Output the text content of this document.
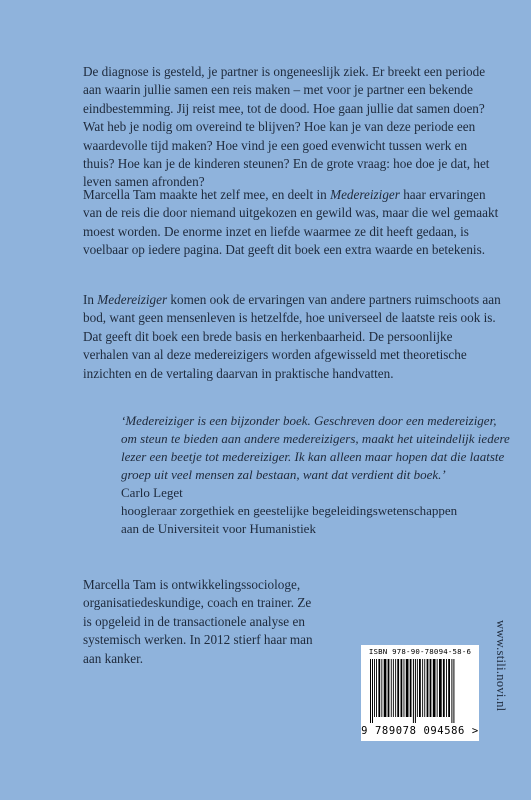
De diagnose is gesteld, je partner is ongeneeslijk ziek. Er breekt een periode aan waarin jullie samen een reis maken – met voor je partner een bekende eindbestemming. Jij reist mee, tot de dood. Hoe gaan jullie dat samen doen? Wat heb je nodig om overeind te blijven? Hoe kan je van deze periode een waardevolle tijd maken? Hoe vind je een goed evenwicht tussen werk en thuis? Hoe kan je de kinderen steunen? En de grote vraag: hoe doe je dat, het leven samen afronden?
Marcella Tam maakte het zelf mee, en deelt in Medereiziger haar ervaringen van de reis die door niemand uitgekozen en gewild was, maar die wel gemaakt moest worden. De enorme inzet en liefde waarmee ze dit heeft gedaan, is voelbaar op iedere pagina. Dat geeft dit boek een extra waarde en betekenis.
In Medereiziger komen ook de ervaringen van andere partners ruimschoots aan bod, want geen mensenleven is hetzelfde, hoe universeel de laatste reis ook is. Dat geeft dit boek een brede basis en herkenbaarheid. De persoonlijke verhalen van al deze medereizigers worden afgewisseld met theoretische inzichten en de vertaling daarvan in praktische handvatten.
‘Medereiziger is een bijzonder boek. Geschreven door een medereiziger, om steun te bieden aan andere medereizigers, maakt het uiteindelijk iedere lezer een beetje tot medereiziger. Ik kan alleen maar hopen dat die laatste groep uit veel mensen zal bestaan, want dat verdient dit boek.’
Carlo Leget
hoogleraar zorgethiek en geestelijke begeleidingswetenschappen
aan de Universiteit voor Humanistiek
Marcella Tam is ontwikkelingssociologe, organisatiedeskundige, coach en trainer. Ze is opgeleid in de transactionele analyse en systemisch werken. In 2012 stierf haar man aan kanker.	ISBN 978-90-78094-58-6
9 789078 094586 >
www.stili.novi.nl
